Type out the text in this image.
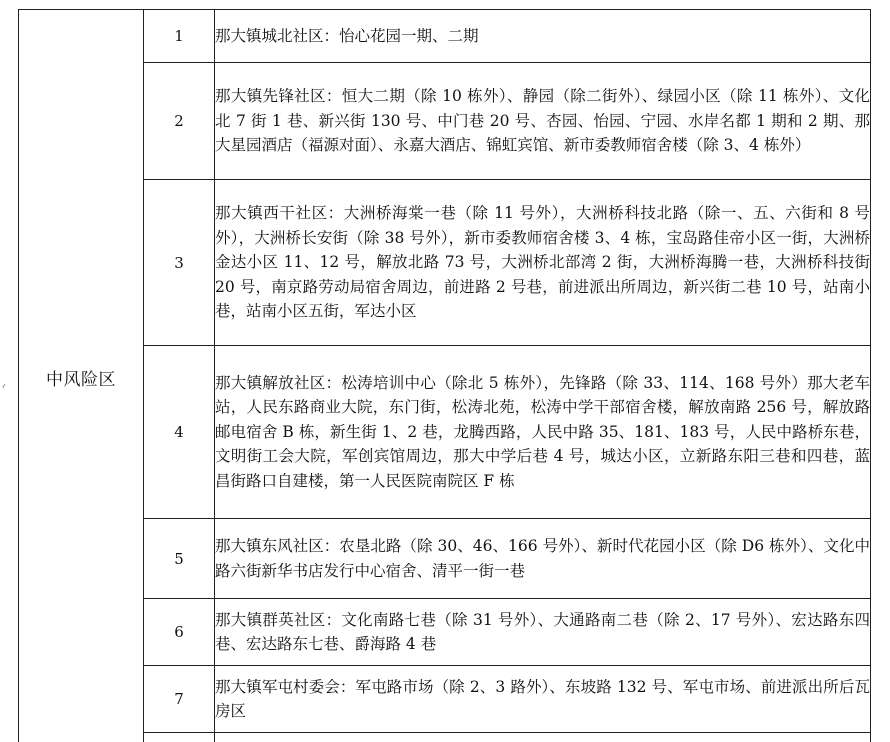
中风险区	1	那大镇城北社区：怡心花园一期、二期
	2	那大镇先锋社区：恒大二期（除 10 栋外）、静园（除二街外）、绿园小区（除 11 栋外）、文化北 7 街 1 巷、新兴街 130 号、中门巷 20 号、杏园、怡园、宁园、水岸名都 1 期和 2 期、那大星园酒店（福源对面）、永嘉大酒店、锦虹宾馆、新市委教师宿舍楼（除 3、4 栋外）
	3	那大镇西干社区：大洲桥海棠一巷（除 11 号外），大洲桥科技北路（除一、五、六街和 8 号外），大洲桥长安街（除 38 号外），新市委教师宿舍楼 3、4 栋，宝岛路佳帝小区一街，大洲桥金达小区 11、12 号，解放北路 73 号，大洲桥北部湾 2 街，大洲桥海腾一巷，大洲桥科技街 20 号，南京路劳动局宿舍周边，前进路 2 号巷，前进派出所周边，新兴街二巷 10 号，站南小巷，站南小区五街，军达小区
	4	那大镇解放社区：松涛培训中心（除北 5 栋外），先锋路（除 33、114、168 号外）那大老车站，人民东路商业大院，东门街，松涛北苑，松涛中学干部宿舍楼，解放南路 256 号，解放路邮电宿舍 B 栋，新生街 1、2 巷，龙腾西路，人民中路 35、181、183 号，人民中路桥东巷，文明街工会大院，军创宾馆周边，那大中学后巷 4 号，城达小区，立新路东阳三巷和四巷，蓝昌街路口自建楼，第一人民医院南院区 F 栋
	5	那大镇东风社区：农垦北路（除 30、46、166 号外）、新时代花园小区（除 D6 栋外）、文化中路六街新华书店发行中心宿舍、清平一街一巷
	6	那大镇群英社区：文化南路七巷（除 31 号外）、大通路南二巷（除 2、17 号外）、宏达路东四巷、宏达路东七巷、爵海路 4 巷
	7	那大镇军屯村委会：军屯路市场（除 2、3 路外）、东坡路 132 号、军屯市场、前进派出所后瓦房区
